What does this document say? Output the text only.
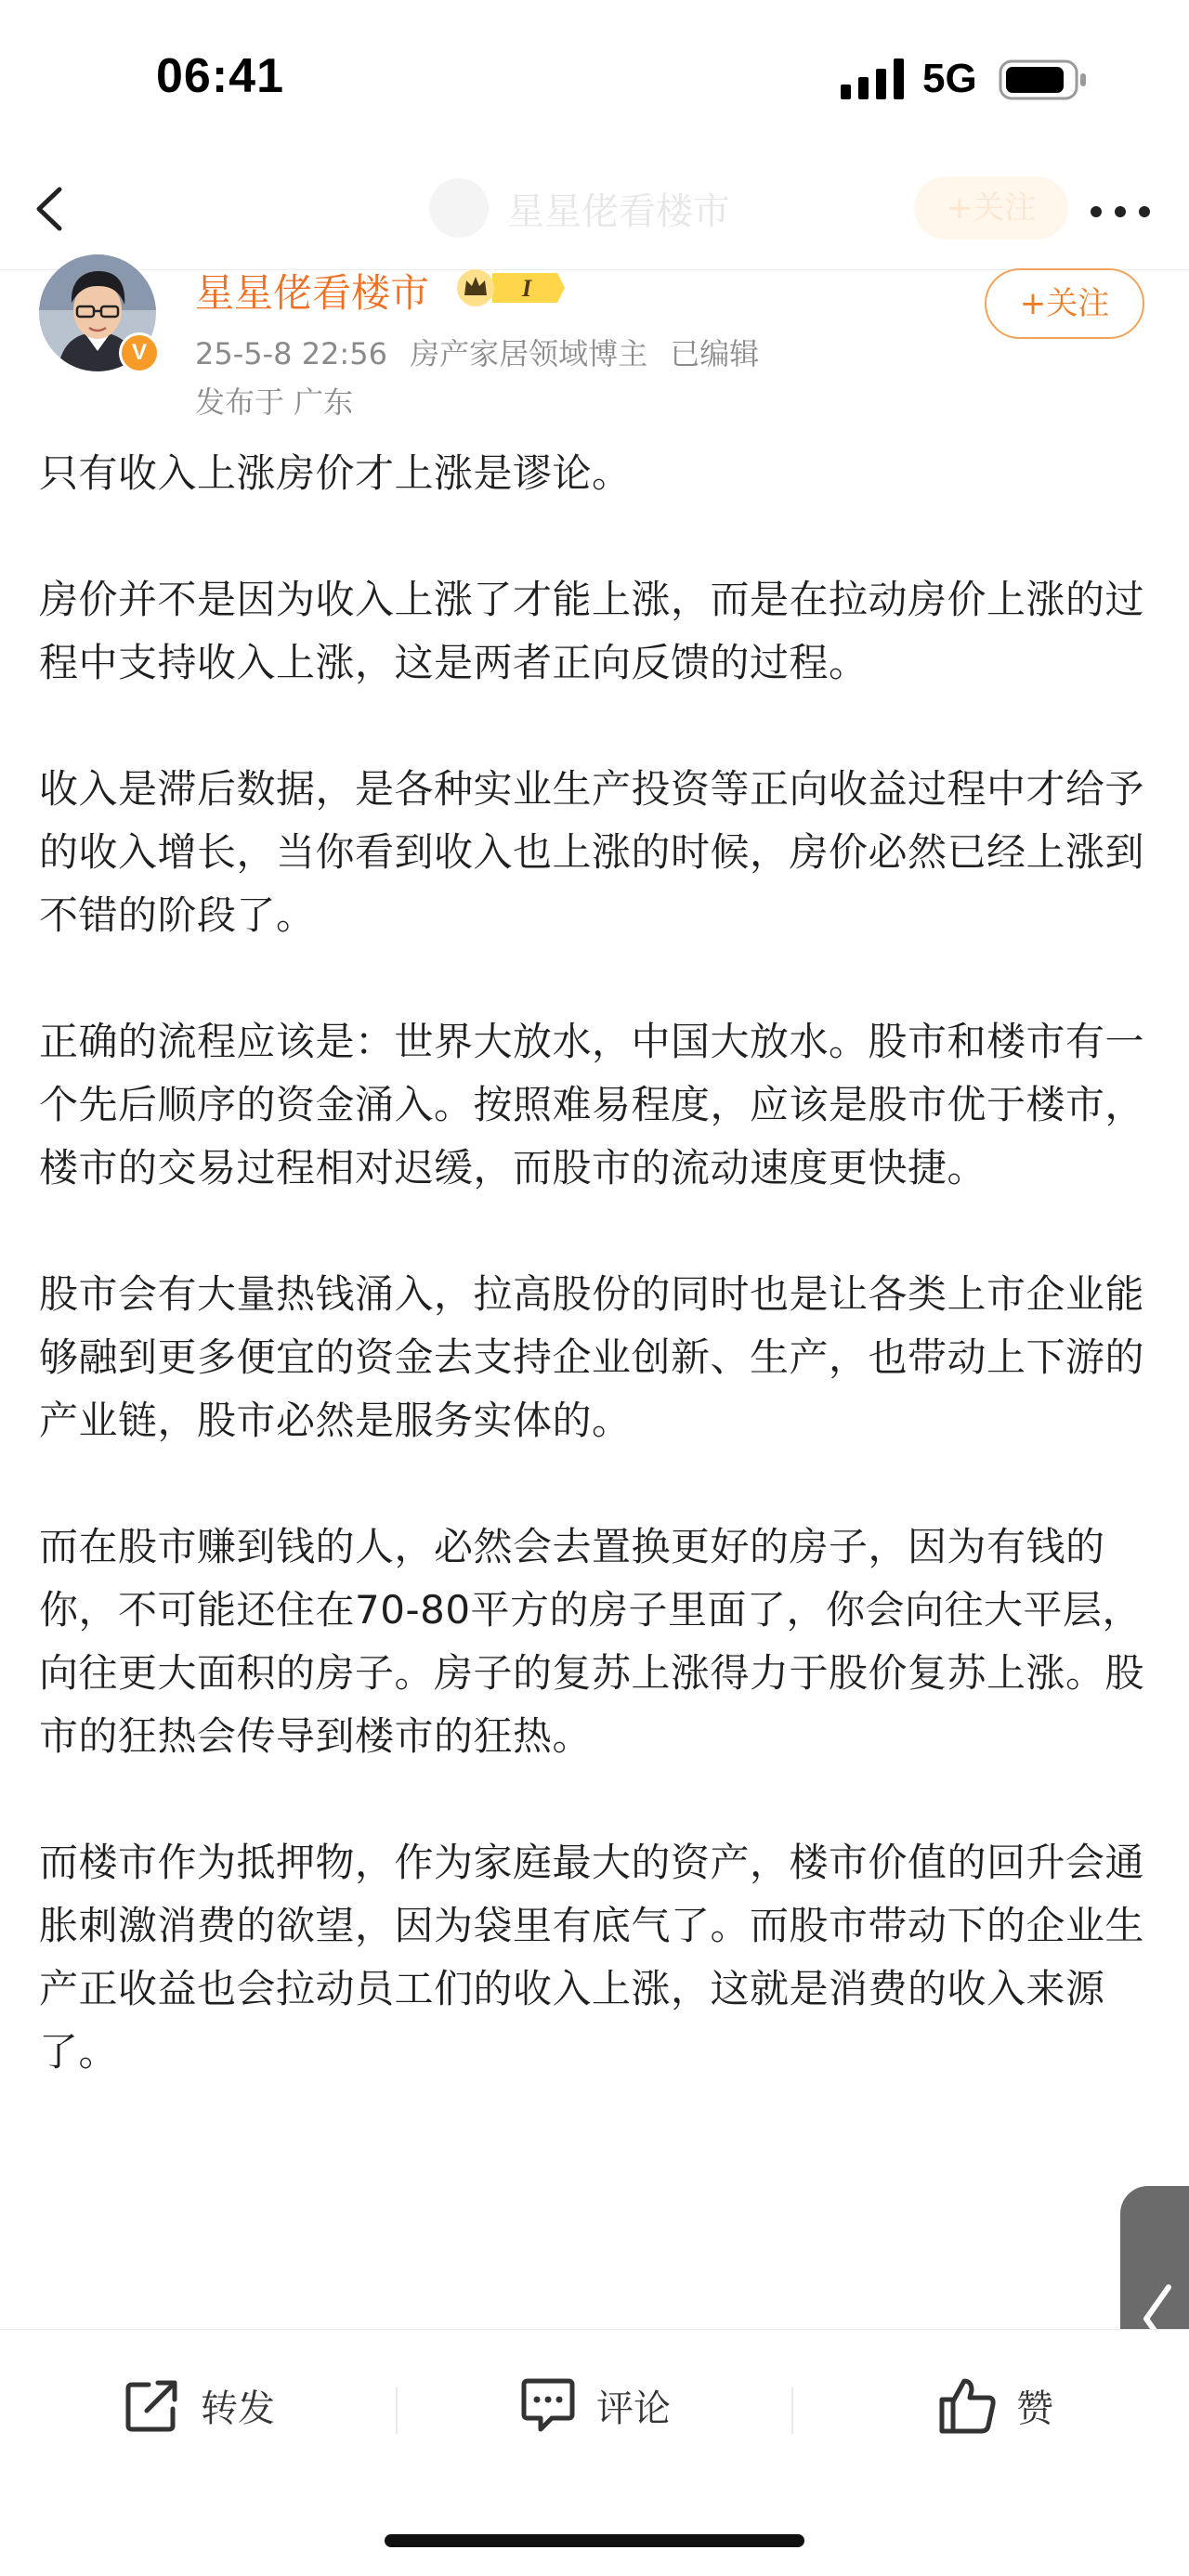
06:41	5G
星星佬看楼市	+关注
V
星星佬看楼市	I
25-5-8 22:56 房产家居领域博主 已编辑
发布于 广东
+关注

只有收入上涨房价才上涨是谬论。

房价并不是因为收入上涨了才能上涨，而是在拉动房价上涨的过程中支持收入上涨，这是两者正向反馈的过程。

收入是滞后数据，是各种实业生产投资等正向收益过程中才给予的收入增长，当你看到收入也上涨的时候，房价必然已经上涨到不错的阶段了。

正确的流程应该是：世界大放水，中国大放水。股市和楼市有一个先后顺序的资金涌入。按照难易程度，应该是股市优于楼市，楼市的交易过程相对迟缓，而股市的流动速度更快捷。

股市会有大量热钱涌入，拉高股份的同时也是让各类上市企业能够融到更多便宜的资金去支持企业创新、生产，也带动上下游的产业链，股市必然是服务实体的。

而在股市赚到钱的人，必然会去置换更好的房子，因为有钱的你，不可能还住在70-80平方的房子里面了，你会向往大平层，向往更大面积的房子。房子的复苏上涨得力于股价复苏上涨。股市的狂热会传导到楼市的狂热。

而楼市作为抵押物，作为家庭最大的资产，楼市价值的回升会通胀刺激消费的欲望，因为袋里有底气了。而股市带动下的企业生产正收益也会拉动员工们的收入上涨，这就是消费的收入来源了。

转发	评论	赞
